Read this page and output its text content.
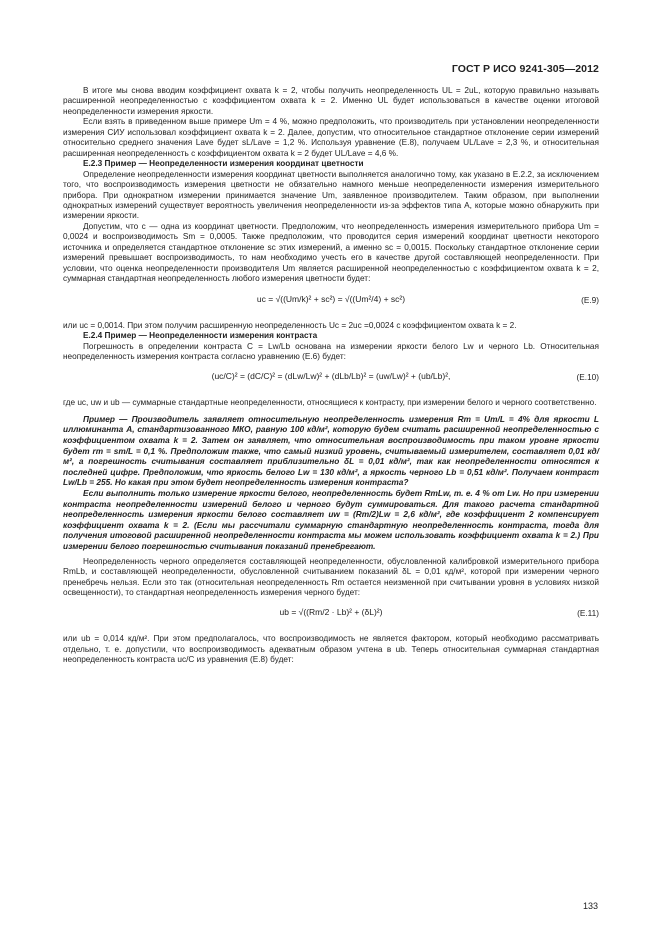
ГОСТ Р ИСО 9241-305—2012

В итоге мы снова вводим коэффициент охвата k = 2, чтобы получить неопределенность UL = 2uL, которую правильно называть расширенной неопределенностью с коэффициентом охвата k = 2. Именно UL будет использоваться в качестве оценки итоговой неопределенности измерения яркости.

Если взять в приведенном выше примере Um = 4 %, можно предположить, что производитель при установлении неопределенности измерения СИУ использовал коэффициент охвата k = 2. Далее, допустим, что относительное стандартное отклонение серии измерений относительно среднего значения Lave будет sL/Lave = 1,2 %. Используя уравнение (Е.8), получаем UL/Lave = 2,3 %, и относительная расширенная неопределенность с коэффициентом охвата k = 2 будет UL/Lave = 4,6 %.

Е.2.3 Пример — Неопределенности измерения координат цветности

Определение неопределенности измерения координат цветности выполняется аналогично тому, как указано в Е.2.2, за исключением того, что воспроизводимость измерения цветности не обязательно намного меньше неопределенности измерения измерительного прибора. При однократном измерении принимается значение Um, заявленное производителем. Таким образом, при выполнении однократных измерений существует вероятность увеличения неопределенности из-за эффектов типа А, которые можно обнаружить при измерении яркости.

Допустим, что c — одна из координат цветности. Предположим, что неопределенность измерения измерительного прибора Um = 0,0024 и воспроизводимость Sm = 0,0005. Также предположим, что проводится серия измерений координат цветности некоторого источника и определяется стандартное отклонение sc этих измерений, а именно sc = 0,0015. Поскольку стандартное отклонение серии измерений превышает воспроизводимость, то нам необходимо учесть его в качестве другой составляющей неопределенности. При условии, что оценка неопределенности производителя Um является расширенной неопределенностью с коэффициентом охвата k = 2, суммарная стандартная неопределенность любого измерения цветности будет:

uc = √((Um/k)² + sc²) = √((Um²/4) + sc²)	(Е.9)

или uc = 0,0014. При этом получим расширенную неопределенность Uc = 2uc =0,0024 с коэффициентом охвата k = 2.

Е.2.4 Пример — Неопределенности измерения контраста

Погрешность в определении контраста C = Lw/Lb основана на измерении яркости белого Lw и черного Lb. Относительная неопределенность измерения контраста согласно уравнению (Е.6) будет:

(uc/C)² = (dC/C)² = (dLw/Lw)² + (dLb/Lb)² = (uw/Lw)² + (ub/Lb)²,	(Е.10)

где uc, uw и ub — суммарные стандартные неопределенности, относящиеся к контрасту, при измерении белого и черного соответственно.

Пример — Производитель заявляет относительную неопределенность измерения Rm = Um/L = 4% для яркости L иллюминанта A, стандартизованного МКО, равную 100 кд/м², которую будем считать расширенной неопределенностью с коэффициентом охвата k = 2. Затем он заявляет, что относительная воспроизводимость при таком уровне яркости будет rm = sm/L = 0,1 %. Предположим также, что самый низкий уровень, считываемый измерителем, составляет 0,01 кд/м², а погрешность считывания составляет приблизительно δL = 0,01 кд/м², так как неопределенности относятся к последней цифре. Предположим, что яркость белого Lw = 130 кд/м², а яркость черного Lb = 0,51 кд/м². Получаем контраст Lw/Lb = 255. Но какая при этом будет неопределенность измерения контраста?

Если выполнить только измерение яркости белого, неопределенность будет RmLw, т. е. 4 % от Lw. Но при измерении контраста неопределенности измерений белого и черного будут суммироваться. Для такого расчета стандартной неопределенность измерения яркости белого составляет uw = (Rm/2)Lw = 2,6 кд/м², где коэффициент 2 компенсирует коэффициент охвата k = 2. (Если мы рассчитали суммарную стандартную неопределенность контраста, тогда для получения итоговой расширенной неопределенности контраста мы можем использовать коэффициент охвата k = 2.) При измерении белого погрешностью считывания показаний пренебрегают.

Неопределенность черного определяется составляющей неопределенности, обусловленной калибровкой измерительного прибора RmLb, и составляющей неопределенности, обусловленной считыванием показаний δL = 0,01 кд/м², которой при измерении черного пренебречь нельзя. Если это так (относительная неопределенность Rm остается неизменной при считывании уровня в условиях низкой освещенности), то стандартная неопределенность измерения черного будет:

ub = √((Rm/2 · Lb)² + (δL)²)	(Е.11)

или ub = 0,014 кд/м². При этом предполагалось, что воспроизводимость не является фактором, который необходимо рассматривать отдельно, т. е. допустили, что воспроизводимость адекватным образом учтена в ub. Теперь относительная суммарная стандартная неопределенность контраста uc/C из уравнения (Е.8) будет:

133
